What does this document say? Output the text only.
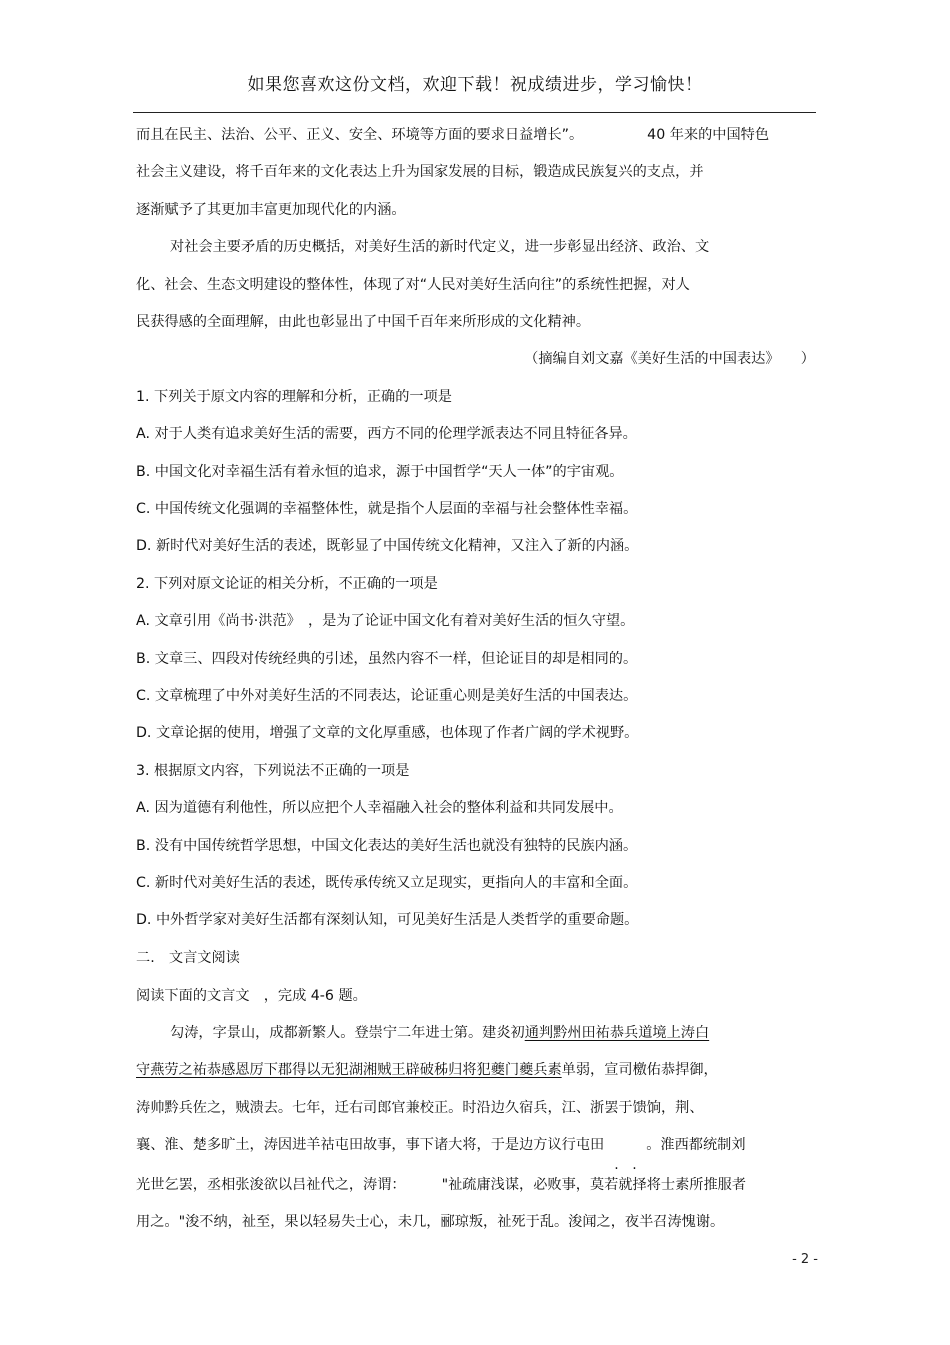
如果您喜欢这份文档，欢迎下载！祝成绩进步，学习愉快！
而且在民主、法治、公平、正义、安全、环境等方面的要求日益增长”。	40 年来的中国特色
社会主义建设，将千百年来的文化表达上升为国家发展的目标，锻造成民族复兴的支点，并
逐渐赋予了其更加丰富更加现代化的内涵。
对社会主要矛盾的历史概括，对美好生活的新时代定义，进一步彰显出经济、政治、文
化、社会、生态文明建设的整体性，体现了对“人民对美好生活向往”的系统性把握，对人
民获得感的全面理解，由此也彰显出了中国千百年来所形成的文化精神。
（摘编自刘文嘉《美好生活的中国表达》　　）
1. 下列关于原文内容的理解和分析，正确的一项是
A. 对于人类有追求美好生活的需要，西方不同的伦理学派表达不同且特征各异。
B. 中国文化对幸福生活有着永恒的追求，源于中国哲学“天人一体”的宇宙观。
C. 中国传统文化强调的幸福整体性，就是指个人层面的幸福与社会整体性幸福。
D. 新时代对美好生活的表述，既彰显了中国传统文化精神，又注入了新的内涵。
2. 下列对原文论证的相关分析，不正确的一项是
A. 文章引用《尚书·洪范》　，是为了论证中国文化有着对美好生活的恒久守望。
B. 文章三、四段对传统经典的引述，虽然内容不一样，但论证目的却是相同的。
C. 文章梳理了中外对美好生活的不同表达，论证重心则是美好生活的中国表达。
D. 文章论据的使用，增强了文章的文化厚重感，也体现了作者广阔的学术视野。
3. 根据原文内容，下列说法不正确的一项是
A. 因为道德有利他性，所以应把个人幸福融入社会的整体利益和共同发展中。
B. 没有中国传统哲学思想，中国文化表达的美好生活也就没有独特的民族内涵。
C. 新时代对美好生活的表述，既传承传统又立足现实，更指向人的丰富和全面。
D. 中外哲学家对美好生活都有深刻认知，可见美好生活是人类哲学的重要命题。
二.　文言文阅读
阅读下面的文言文　，完成 4-6 题。
勾涛，字景山，成都新繁人。登崇宁二年进士第。建炎初通判黔州田祐恭兵道境上涛白
守燕劳之祐恭感恩厉下郡得以无犯湖湘贼王辟破秭归将犯夔门夔兵素单弱，宣司檄佑恭捍御，
涛帅黔兵佐之，贼溃去。七年，迁右司郎官兼校正。时沿边久宿兵，江、浙罢于馈饷，荆、
襄、淮、楚多旷土，涛因进羊祜屯田故事，事下诸大将，于是边方议行屯田
. .
。淮西都统制刘
光世乞罢，丞相张浚欲以吕祉代之，涛谓：	"祉疏庸浅谋，必败事，莫若就择将士素所推服者
用之。"浚不纳，祉至，果以轻易失士心，未几，郦琼叛，祉死于乱。浚闻之，夜半召涛愧谢。
- 2 -
